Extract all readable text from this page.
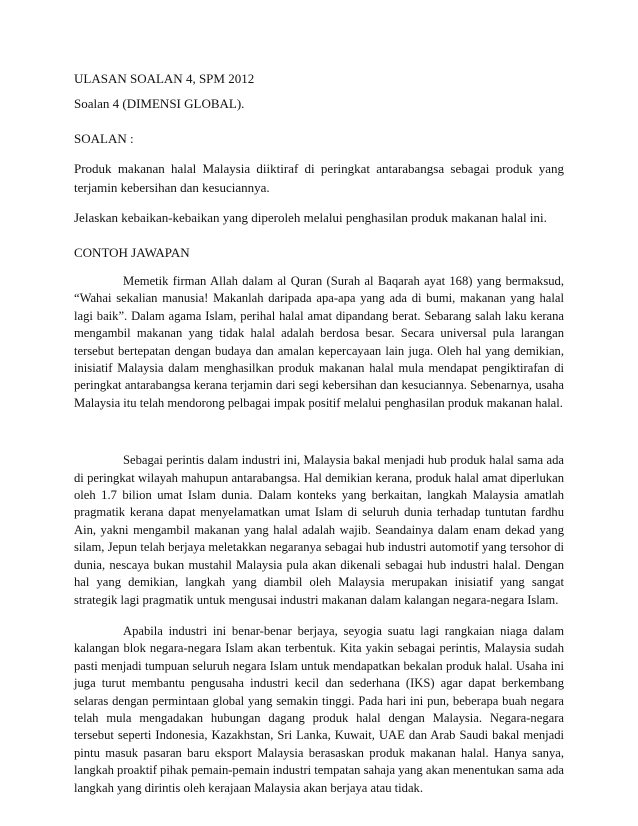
ULASAN SOALAN 4, SPM 2012

Soalan 4 (DIMENSI GLOBAL).

SOALAN :

Produk makanan halal Malaysia diiktiraf di peringkat antarabangsa sebagai produk yang terjamin kebersihan dan kesuciannya.

Jelaskan kebaikan-kebaikan yang diperoleh melalui penghasilan produk makanan halal ini.

CONTOH JAWAPAN

Memetik firman Allah dalam al Quran (Surah al Baqarah ayat 168) yang bermaksud, “Wahai sekalian manusia! Makanlah daripada apa-apa yang ada di bumi, makanan yang halal lagi baik”. Dalam agama Islam, perihal halal amat dipandang berat. Sebarang salah laku kerana mengambil makanan yang tidak halal adalah berdosa besar. Secara universal pula larangan tersebut bertepatan dengan budaya dan amalan kepercayaan lain juga. Oleh hal yang demikian, inisiatif Malaysia dalam menghasilkan produk makanan halal mula mendapat pengiktirafan di peringkat antarabangsa kerana terjamin dari segi kebersihan dan kesuciannya. Sebenarnya, usaha Malaysia itu telah mendorong pelbagai impak positif melalui penghasilan produk makanan halal.

Sebagai perintis dalam industri ini, Malaysia bakal menjadi hub produk halal sama ada di peringkat wilayah mahupun antarabangsa. Hal demikian kerana, produk halal amat diperlukan oleh 1.7 bilion umat Islam dunia. Dalam konteks yang berkaitan, langkah Malaysia amatlah pragmatik kerana dapat menyelamatkan umat Islam di seluruh dunia terhadap tuntutan fardhu Ain, yakni mengambil makanan yang halal adalah wajib. Seandainya dalam enam dekad yang silam, Jepun telah berjaya meletakkan negaranya sebagai hub industri automotif yang tersohor di dunia, nescaya bukan mustahil Malaysia pula akan dikenali sebagai hub industri halal. Dengan hal yang demikian, langkah yang diambil oleh Malaysia merupakan inisiatif yang sangat strategik lagi pragmatik untuk mengusai industri makanan dalam kalangan negara-negara Islam.

Apabila industri ini benar-benar berjaya, seyogia suatu lagi rangkaian niaga dalam kalangan blok negara-negara Islam akan terbentuk. Kita yakin sebagai perintis, Malaysia sudah pasti menjadi tumpuan seluruh negara Islam untuk mendapatkan bekalan produk halal. Usaha ini juga turut membantu pengusaha industri kecil dan sederhana (IKS) agar dapat berkembang selaras dengan permintaan global yang semakin tinggi. Pada hari ini pun, beberapa buah negara telah mula mengadakan hubungan dagang produk halal dengan Malaysia. Negara-negara tersebut seperti Indonesia, Kazakhstan, Sri Lanka, Kuwait, UAE dan Arab Saudi bakal menjadi pintu masuk pasaran baru eksport Malaysia berasaskan produk makanan halal. Hanya sanya, langkah proaktif pihak pemain-pemain industri tempatan sahaja yang akan menentukan sama ada langkah yang dirintis oleh kerajaan Malaysia akan berjaya atau tidak.
